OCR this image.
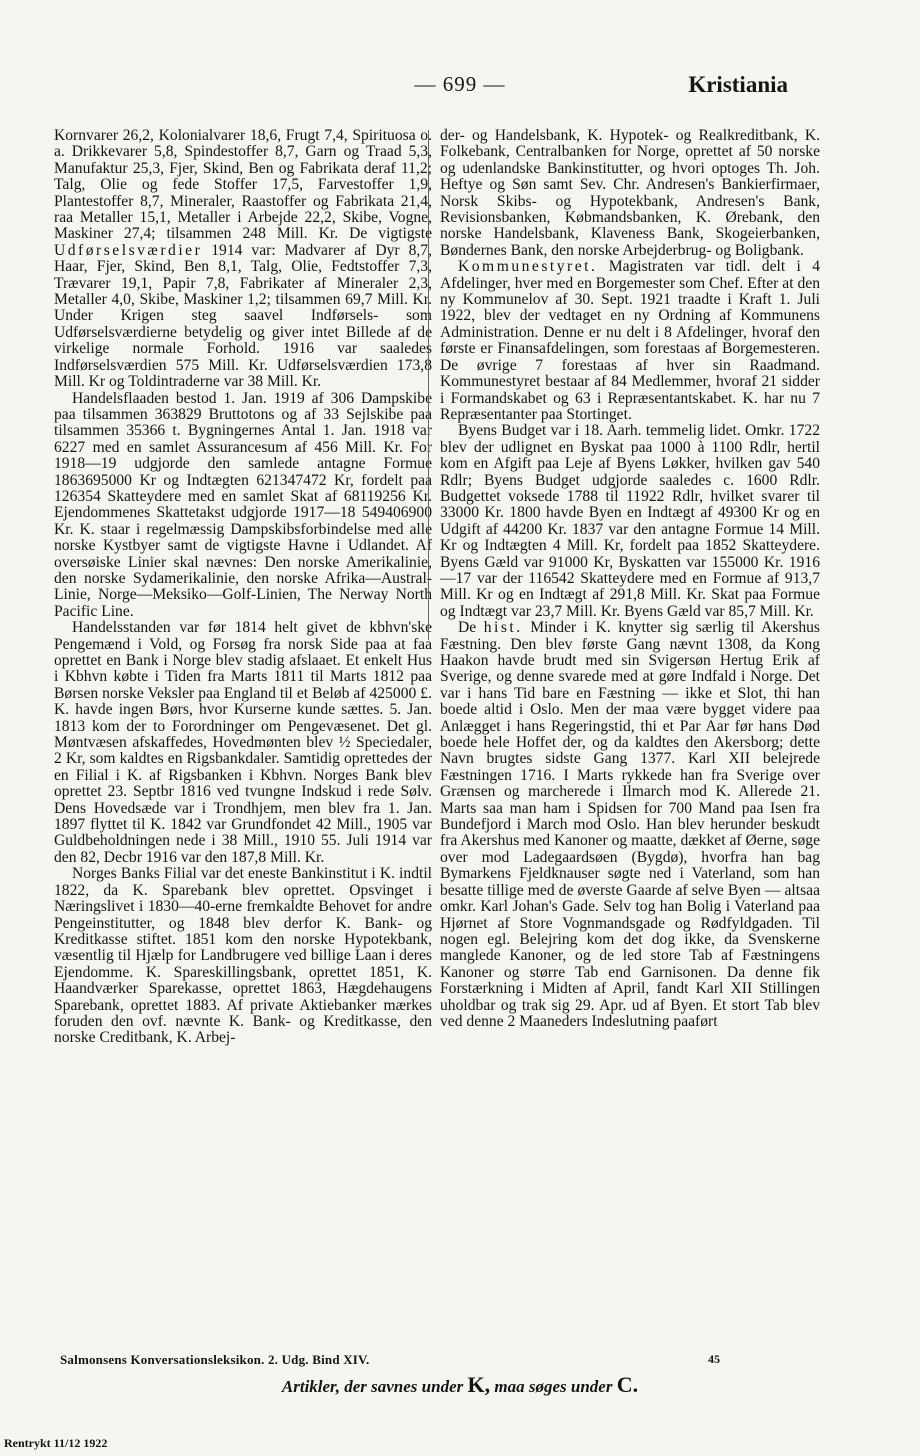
— 699 —	Kristiania

Kornvarer 26,2, Kolonialvarer 18,6, Frugt 7,4, Spirituosa o. a. Drikkevarer 5,8, Spindestoffer 8,7, Garn og Traad 5,3, Manufaktur 25,3, Fjer, Skind, Ben og Fabrikata deraf 11,2; Talg, Olie og fede Stoffer 17,5, Farvestoffer 1,9, Plantestoffer 8,7, Mineraler, Raastoffer og Fabrikata 21,4, raa Metaller 15,1, Metaller i Arbejde 22,2, Skibe, Vogne, Maskiner 27,4; tilsammen 248 Mill. Kr. De vigtigste Udførselsværdier 1914 var: Madvarer af Dyr 8,7, Haar, Fjer, Skind, Ben 8,1, Talg, Olie, Fedtstoffer 7,3, Trævarer 19,1, Papir 7,8, Fabrikater af Mineraler 2,3, Metaller 4,0, Skibe, Maskiner 1,2; tilsammen 69,7 Mill. Kr. Under Krigen steg saavel Indførsels- som Udførselsværdierne betydelig og giver intet Billede af de virkelige normale Forhold. 1916 var saaledes Indførselsværdien 575 Mill. Kr. Udførselsværdien 173,8 Mill. Kr og Toldintraderne var 38 Mill. Kr.

Handelsflaaden bestod 1. Jan. 1919 af 306 Dampskibe paa tilsammen 363829 Bruttotons og af 33 Sejlskibe paa tilsammen 35366 t. Bygningernes Antal 1. Jan. 1918 var 6227 med en samlet Assurancesum af 456 Mill. Kr. For 1918—19 udgjorde den samlede antagne Formue 1863695000 Kr og Indtægten 621347472 Kr, fordelt paa 126354 Skatteydere med en samlet Skat af 68119256 Kr. Ejendommenes Skattetakst udgjorde 1917—18 549406900 Kr. K. staar i regelmæssig Dampskibsforbindelse med alle norske Kystbyer samt de vigtigste Havne i Udlandet. Af oversøiske Linier skal nævnes: Den norske Amerikalinie, den norske Sydamerikalinie, den norske Afrika—Austral-Linie, Norge—Meksiko—Golf-Linien, The Nerway North Pacific Line.

Handelsstanden var før 1814 helt givet de kbhvn'ske Pengemænd i Vold, og Forsøg fra norsk Side paa at faa oprettet en Bank i Norge blev stadig afslaaet. Et enkelt Hus i Kbhvn købte i Tiden fra Marts 1811 til Marts 1812 paa Børsen norske Veksler paa England til et Beløb af 425000 £. K. havde ingen Børs, hvor Kurserne kunde sættes. 5. Jan. 1813 kom der to Forordninger om Pengevæsenet. Det gl. Møntvæsen afskaffedes, Hovedmønten blev ½ Speciedaler, 2 Kr, som kaldtes en Rigsbankdaler. Samtidig oprettedes der en Filial i K. af Rigsbanken i Kbhvn. Norges Bank blev oprettet 23. Septbr 1816 ved tvungne Indskud i rede Sølv. Dens Hovedsæde var i Trondhjem, men blev fra 1. Jan. 1897 flyttet til K. 1842 var Grundfondet 42 Mill., 1905 var Guldbeholdningen nede i 38 Mill., 1910 55. Juli 1914 var den 82, Decbr 1916 var den 187,8 Mill. Kr.

Norges Banks Filial var det eneste Bankinstitut i K. indtil 1822, da K. Sparebank blev oprettet. Opsvinget i Næringslivet i 1830—40-erne fremkaldte Behovet for andre Pengeinstitutter, og 1848 blev derfor K. Bank- og Kreditkasse stiftet. 1851 kom den norske Hypotekbank, væsentlig til Hjælp for Landbrugere ved billige Laan i deres Ejendomme. K. Spareskillingsbank, oprettet 1851, K. Haandværker Sparekasse, oprettet 1863, Hægdehaugens Sparebank, oprettet 1883. Af private Aktiebanker mærkes foruden den ovf. nævnte K. Bank- og Kreditkasse, den norske Creditbank, K. Arbej-

der- og Handelsbank, K. Hypotek- og Realkreditbank, K. Folkebank, Centralbanken for Norge, oprettet af 50 norske og udenlandske Bankinstitutter, og hvori optoges Th. Joh. Heftye og Søn samt Sev. Chr. Andresen's Bankierfirmaer, Norsk Skibs- og Hypotekbank, Andresen's Bank, Revisionsbanken, Købmandsbanken, K. Ørebank, den norske Handelsbank, Klaveness Bank, Skogeierbanken, Bøndernes Bank, den norske Arbejderbrug- og Boligbank.

Kommunestyret. Magistraten var tidl. delt i 4 Afdelinger, hver med en Borgemester som Chef. Efter at den ny Kommunelov af 30. Sept. 1921 traadte i Kraft 1. Juli 1922, blev der vedtaget en ny Ordning af Kommunens Administration. Denne er nu delt i 8 Afdelinger, hvoraf den første er Finansafdelingen, som forestaas af Borgemesteren. De øvrige 7 forestaas af hver sin Raadmand. Kommunestyret bestaar af 84 Medlemmer, hvoraf 21 sidder i Formandskabet og 63 i Repræsentantskabet. K. har nu 7 Repræsentanter paa Stortinget.

Byens Budget var i 18. Aarh. temmelig lidet. Omkr. 1722 blev der udlignet en Byskat paa 1000 à 1100 Rdlr, hertil kom en Afgift paa Leje af Byens Løkker, hvilken gav 540 Rdlr; Byens Budget udgjorde saaledes c. 1600 Rdlr. Budgettet voksede 1788 til 11922 Rdlr, hvilket svarer til 33000 Kr. 1800 havde Byen en Indtægt af 49300 Kr og en Udgift af 44200 Kr. 1837 var den antagne Formue 14 Mill. Kr og Indtægten 4 Mill. Kr, fordelt paa 1852 Skatteydere. Byens Gæld var 91000 Kr, Byskatten var 155000 Kr. 1916—17 var der 116542 Skatteydere med en Formue af 913,7 Mill. Kr og en Indtægt af 291,8 Mill. Kr. Skat paa Formue og Indtægt var 23,7 Mill. Kr. Byens Gæld var 85,7 Mill. Kr.

De hist. Minder i K. knytter sig særlig til Akershus Fæstning. Den blev første Gang nævnt 1308, da Kong Haakon havde brudt med sin Svigersøn Hertug Erik af Sverige, og denne svarede med at gøre Indfald i Norge. Det var i hans Tid bare en Fæstning — ikke et Slot, thi han boede altid i Oslo. Men der maa være bygget videre paa Anlægget i hans Regeringstid, thi et Par Aar før hans Død boede hele Hoffet der, og da kaldtes den Akersborg; dette Navn brugtes sidste Gang 1377. Karl XII belejrede Fæstningen 1716. I Marts rykkede han fra Sverige over Grænsen og marcherede i Ilmarch mod K. Allerede 21. Marts saa man ham i Spidsen for 700 Mand paa Isen fra Bundefjord i March mod Oslo. Han blev herunder beskudt fra Akershus med Kanoner og maatte, dækket af Øerne, søge over mod Ladegaardsøen (Bygdø), hvorfra han bag Bymarkens Fjeldknauser søgte ned i Vaterland, som han besatte tillige med de øverste Gaarde af selve Byen — altsaa omkr. Karl Johan's Gade. Selv tog han Bolig i Vaterland paa Hjørnet af Store Vognmandsgade og Rødfyldgaden. Til nogen egl. Belejring kom det dog ikke, da Svenskerne manglede Kanoner, og de led store Tab af Fæstningens Kanoner og større Tab end Garnisonen. Da denne fik Forstærkning i Midten af April, fandt Karl XII Stillingen uholdbar og trak sig 29. Apr. ud af Byen. Et stort Tab blev ved denne 2 Maaneders Indeslutning paaført

Salmonsens Konversationsleksikon. 2. Udg. Bind XIV.	45
Artikler, der savnes under K, maa søges under C.
Rentrykt 11/12 1922
